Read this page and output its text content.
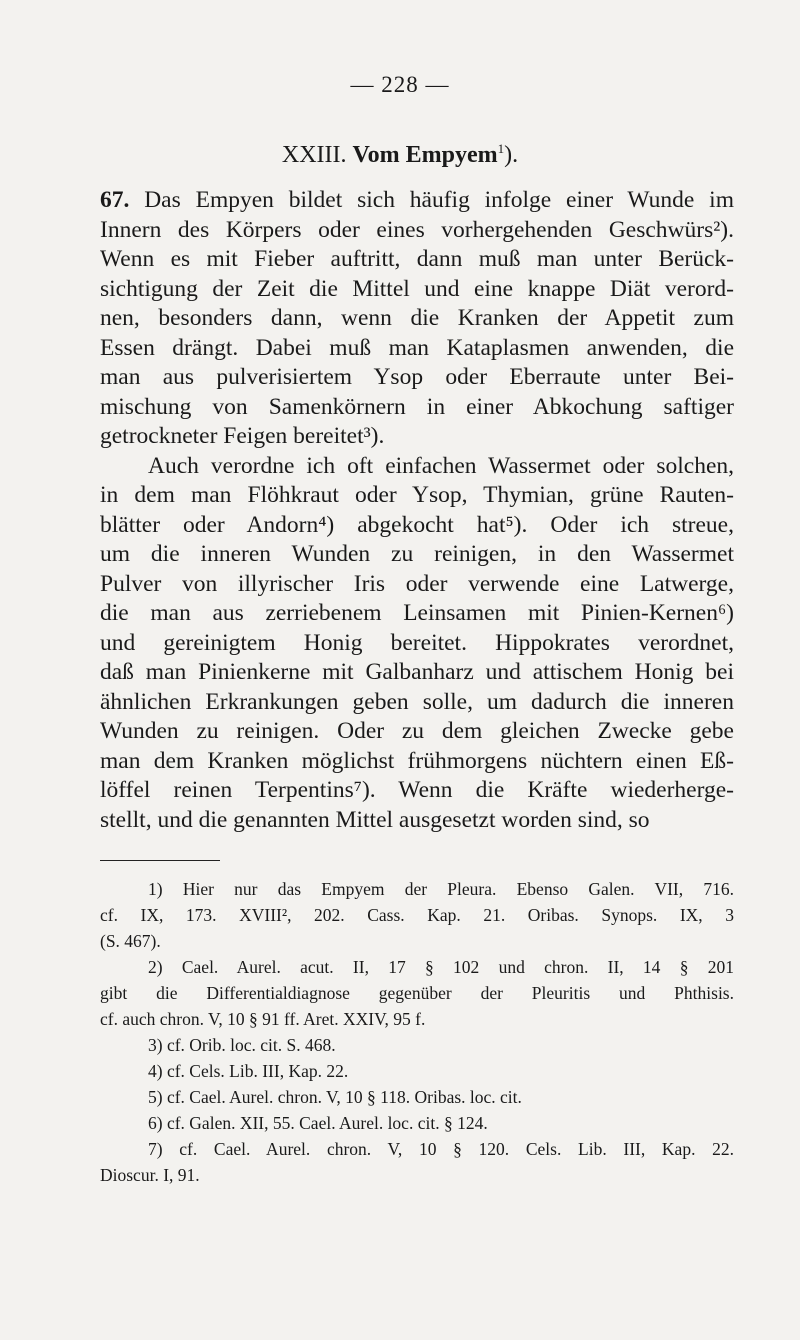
— 228 —
XXIII. Vom Empyem$^1$).
67. Das Empyen bildet sich häufig infolge einer Wunde im
Innern des Körpers oder eines vorhergehenden Geschwürs²).
Wenn es mit Fieber auftritt, dann muß man unter Berück-
sichtigung der Zeit die Mittel und eine knappe Diät verord-
nen, besonders dann, wenn die Kranken der Appetit zum
Essen drängt. Dabei muß man Kataplasmen anwenden, die
man aus pulverisiertem Ysop oder Eberraute unter Bei-
mischung von Samenkörnern in einer Abkochung saftiger
getrockneter Feigen bereitet³).
Auch verordne ich oft einfachen Wassermet oder solchen,
in dem man Flöhkraut oder Ysop, Thymian, grüne Rauten-
blätter oder Andorn⁴) abgekocht hat⁵). Oder ich streue,
um die inneren Wunden zu reinigen, in den Wassermet
Pulver von illyrischer Iris oder verwende eine Latwerge,
die man aus zerriebenem Leinsamen mit Pinien-Kernen⁶)
und gereinigtem Honig bereitet. Hippokrates verordnet,
daß man Pinienkerne mit Galbanharz und attischem Honig bei
ähnlichen Erkrankungen geben solle, um dadurch die inneren
Wunden zu reinigen. Oder zu dem gleichen Zwecke gebe
man dem Kranken möglichst frühmorgens nüchtern einen Eß-
löffel reinen Terpentins⁷). Wenn die Kräfte wiederherge-
stellt, und die genannten Mittel ausgesetzt worden sind, so
1) Hier nur das Empyem der Pleura. Ebenso Galen. VII, 716.
cf. IX, 173. XVIII², 202. Cass. Kap. 21. Oribas. Synops. IX, 3
(S. 467).
2) Cael. Aurel. acut. II, 17 § 102 und chron. II, 14 § 201
gibt die Differentialdiagnose gegenüber der Pleuritis und Phthisis.
cf. auch chron. V, 10 § 91 ff. Aret. XXIV, 95 f.
3) cf. Orib. loc. cit. S. 468.
4) cf. Cels. Lib. III, Kap. 22.
5) cf. Cael. Aurel. chron. V, 10 § 118. Oribas. loc. cit.
6) cf. Galen. XII, 55. Cael. Aurel. loc. cit. § 124.
7) cf. Cael. Aurel. chron. V, 10 § 120. Cels. Lib. III, Kap. 22.
Dioscur. I, 91.
